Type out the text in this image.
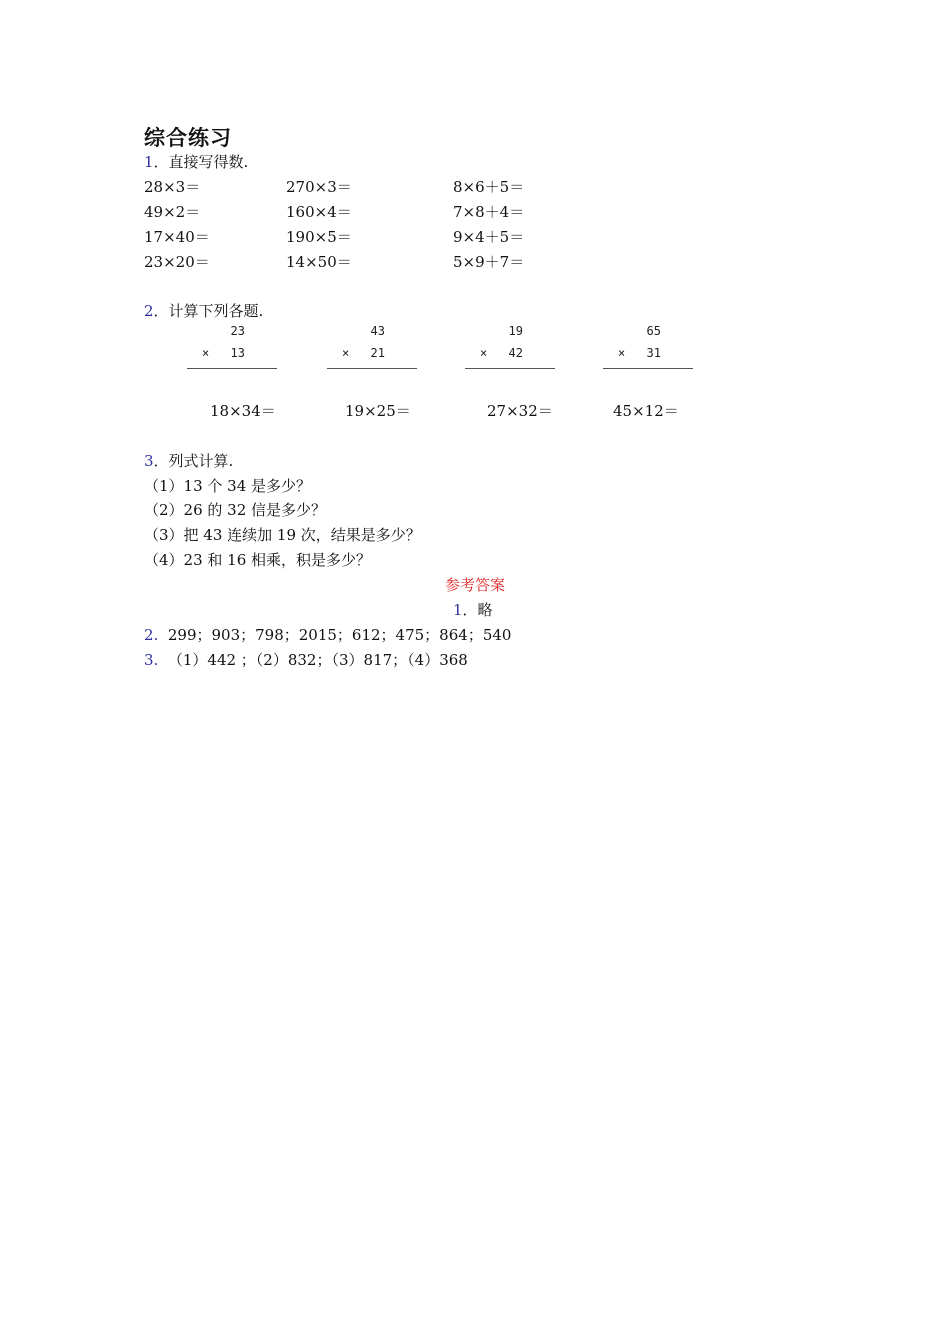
综合练习
1．直接写得数.
28×3＝	270×3＝	8×6＋5＝
49×2＝	160×4＝	7×8＋4＝
17×40＝	190×5＝	9×4＋5＝
23×20＝	14×50＝	5×9＋7＝
2．计算下列各题.
23
× 13
43
× 21
19
× 42
65
× 31
18×34＝	19×25＝	27×32＝	45×12＝
3．列式计算.
（1）13 个 34 是多少？
（2）26 的 32 信是多少？
（3）把 43 连续加 19 次，结果是多少？
（4）23 和 16 相乘，积是多少？
参考答案
1．略
2. 299；903；798；2015；612；475；864；540
3. （1）442 ；（2）832；（3）817；（4）368
